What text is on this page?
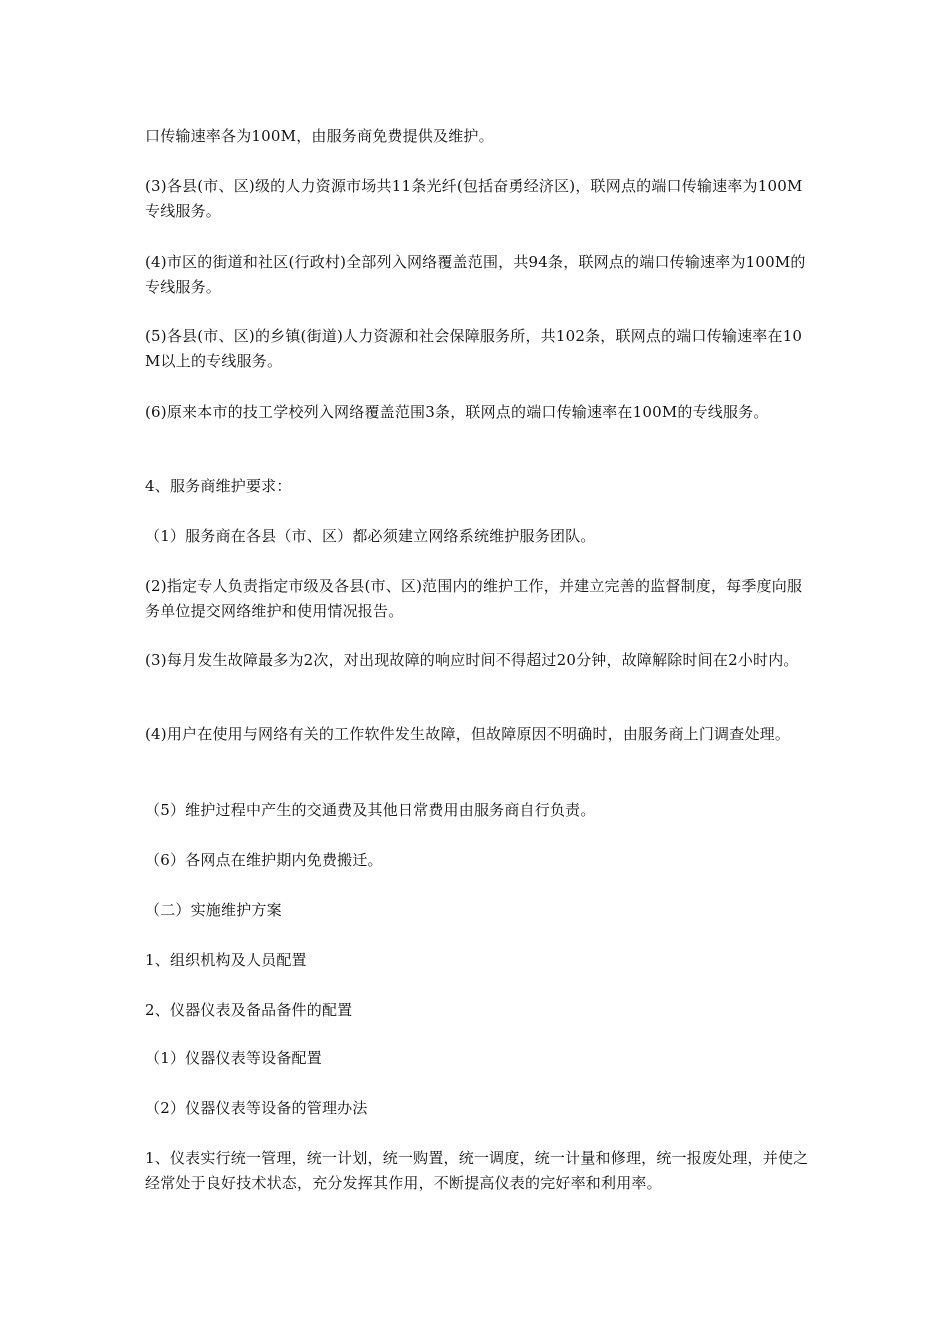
口传输速率各为100M，由服务商免费提供及维护。

(3)各县(市、区)级的人力资源市场共11条光纤(包括奋勇经济区)，联网点的端口传输速率为100M专线服务。

(4)市区的街道和社区(行政村)全部列入网络覆盖范围，共94条，联网点的端口传输速率为100M的专线服务。

(5)各县(市、区)的乡镇(街道)人力资源和社会保障服务所，共102条，联网点的端口传输速率在10M以上的专线服务。

(6)原来本市的技工学校列入网络覆盖范围3条，联网点的端口传输速率在100M的专线服务。

4、服务商维护要求：

（1）服务商在各县（市、区）都必须建立网络系统维护服务团队。

(2)指定专人负责指定市级及各县(市、区)范围内的维护工作，并建立完善的监督制度，每季度向服务单位提交网络维护和使用情况报告。

(3)每月发生故障最多为2次，对出现故障的响应时间不得超过20分钟，故障解除时间在2小时内。

(4)用户在使用与网络有关的工作软件发生故障，但故障原因不明确时，由服务商上门调查处理。

（5）维护过程中产生的交通费及其他日常费用由服务商自行负责。

（6）各网点在维护期内免费搬迁。

（二）实施维护方案

1、组织机构及人员配置

2、仪器仪表及备品备件的配置

（1）仪器仪表等设备配置

（2）仪器仪表等设备的管理办法

1、仪表实行统一管理，统一计划，统一购置，统一调度，统一计量和修理，统一报废处理，并使之经常处于良好技术状态，充分发挥其作用，不断提高仪表的完好率和利用率。
